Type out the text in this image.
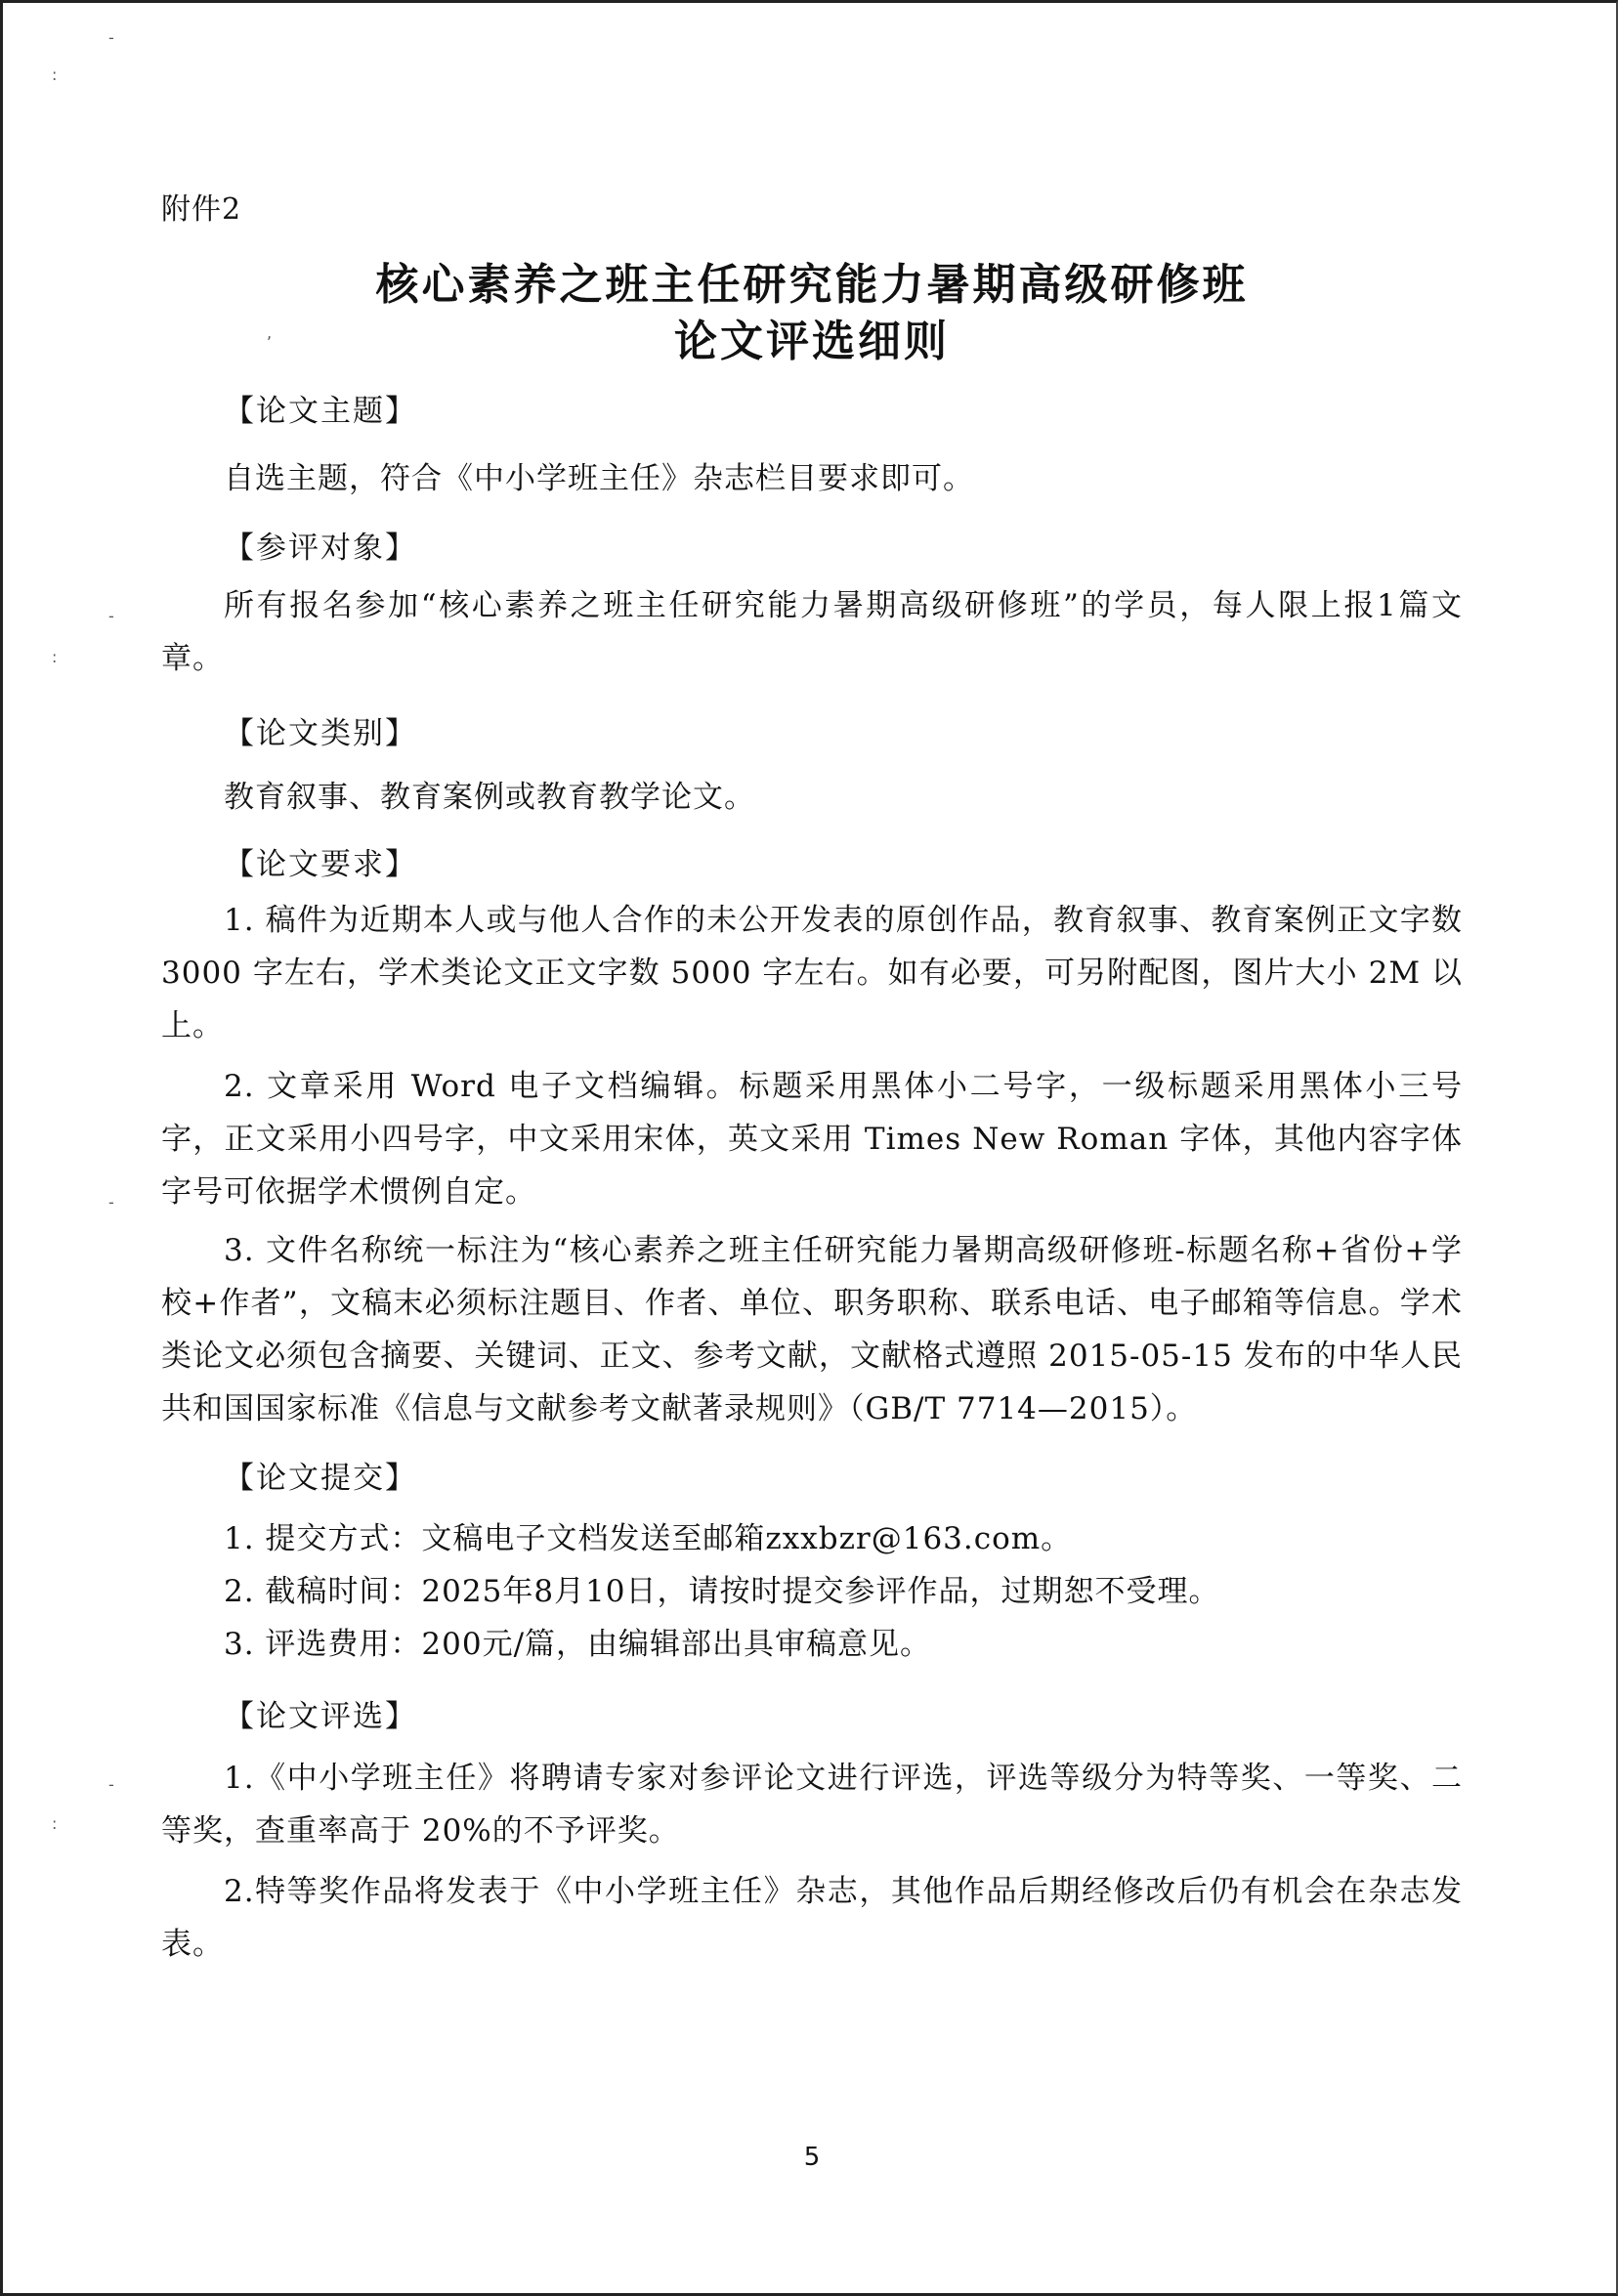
-
:
-
:
-
-
:
,
附件2
核心素养之班主任研究能力暑期高级研修班
论文评选细则
【论文主题】
自选主题，符合《中小学班主任》杂志栏目要求即可。
【参评对象】
所有报名参加“核心素养之班主任研究能力暑期高级研修班”的学员，每人限上报1篇文章。
【论文类别】
教育叙事、教育案例或教育教学论文。
【论文要求】
1. 稿件为近期本人或与他人合作的未公开发表的原创作品，教育叙事、教育案例正文字数 3000 字左右，学术类论文正文字数 5000 字左右。如有必要，可另附配图，图片大小 2M 以上。
2. 文章采用 Word 电子文档编辑。标题采用黑体小二号字，一级标题采用黑体小三号字，正文采用小四号字，中文采用宋体，英文采用 Times New Roman 字体，其他内容字体字号可依据学术惯例自定。
3. 文件名称统一标注为“核心素养之班主任研究能力暑期高级研修班-标题名称+省份+学校+作者”，文稿末必须标注题目、作者、单位、职务职称、联系电话、电子邮箱等信息。学术类论文必须包含摘要、关键词、正文、参考文献，文献格式遵照 2015-05-15 发布的中华人民共和国国家标准《信息与文献参考文献著录规则》（GB/T 7714—2015）。
【论文提交】
1. 提交方式：文稿电子文档发送至邮箱zxxbzr@163.com。
2. 截稿时间：2025年8月10日，请按时提交参评作品，过期恕不受理。
3. 评选费用：200元/篇，由编辑部出具审稿意见。
【论文评选】
1.《中小学班主任》将聘请专家对参评论文进行评选，评选等级分为特等奖、一等奖、二等奖，查重率高于 20%的不予评奖。
2.特等奖作品将发表于《中小学班主任》杂志，其他作品后期经修改后仍有机会在杂志发表。
5
